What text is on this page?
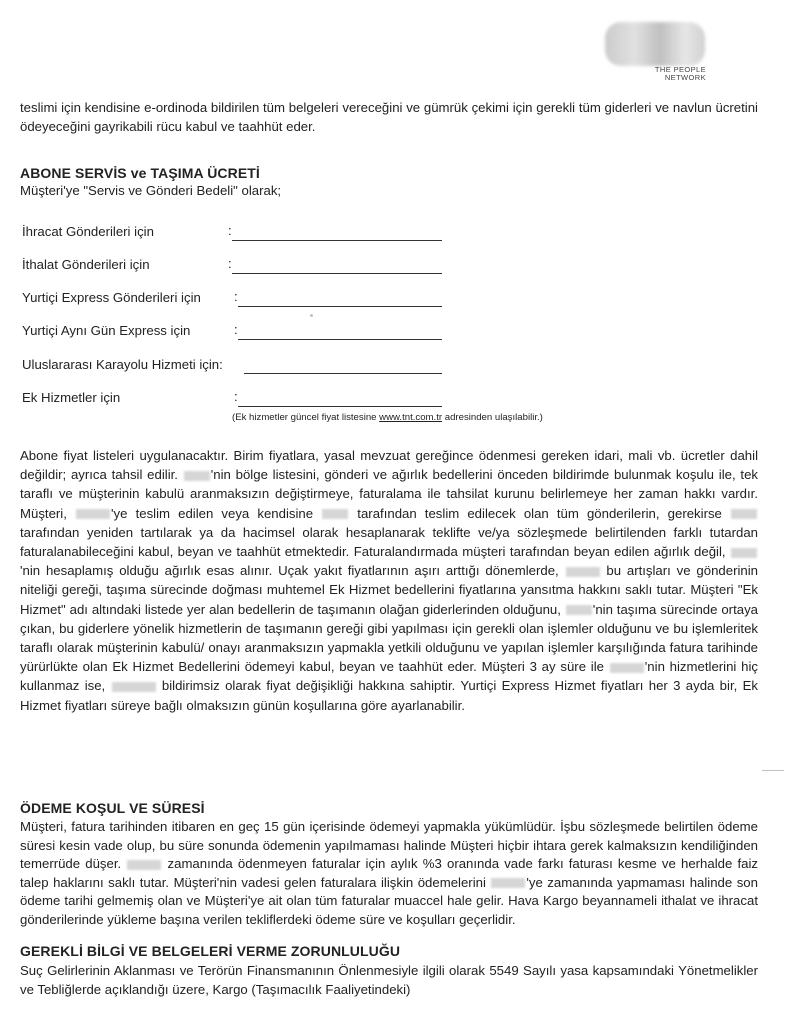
THE PEOPLE
NETWORK
teslimi için kendisine e-ordinoda bildirilen tüm belgeleri vereceğini ve gümrük çekimi için gerekli tüm giderleri ve navlun ücretini ödeyeceğini gayrikabili rücu kabul ve taahhüt eder.
ABONE SERVİS ve TAŞIMA ÜCRETİ
Müşteri'ye "Servis ve Gönderi Bedeli" olarak;
İhracat Gönderileri için	:
İthalat Gönderileri için	:
Yurtiçi Express Gönderileri için	:
Yurtiçi Aynı Gün Express için	:
Uluslararası Karayolu Hizmeti için:
Ek Hizmetler için	:
(Ek hizmetler güncel fiyat listesine www.tnt.com.tr adresinden ulaşılabilir.)
Abone fiyat listeleri uygulanacaktır. Birim fiyatlara, yasal mevzuat gereğince ödenmesi gereken idari, mali vb. ücretler dahil değildir; ayrıca tahsil edilir. 'nin bölge listesini, gönderi ve ağırlık bedellerini önceden bildirimde bulunmak koşulu ile, tek taraflı ve müşterinin kabulü aranmaksızın değiştirmeye, faturalama ile tahsilat kurunu belirlemeye her zaman hakkı vardır. Müşteri,	'ye teslim edilen veya kendisine  tarafından teslim edilecek olan tüm gönderilerin, gerekirse  tarafından yeniden tartılarak ya da hacimsel olarak hesaplanarak teklifte ve/ya sözleşmede belirtilenden farklı tutardan faturalanabileceğini kabul, beyan ve taahhüt etmektedir. Faturalandırmada müşteri tarafından beyan edilen ağırlık değil, 'nin hesaplamış olduğu ağırlık esas alınır. Uçak yakıt fiyatlarının aşırı arttığı dönemlerde,	bu artışları ve gönderinin niteliği gereği, taşıma sürecinde doğması muhtemel Ek Hizmet bedellerini fiyatlarına yansıtma hakkını saklı tutar. Müşteri "Ek Hizmet" adı altındaki listede yer alan bedellerin de taşımanın olağan giderlerinden olduğunu, 'nin taşıma sürecinde ortaya çıkan, bu giderlere yönelik hizmetlerin de taşımanın gereği gibi yapılması için gerekli olan işlemler olduğunu ve bu işlemleritek taraflı olarak müşterinin kabulü/ onayı aranmaksızın yapmakla yetkili olduğunu ve yapılan işlemler karşılığında fatura tarihinde yürürlükte olan Ek Hizmet Bedellerini ödemeyi kabul, beyan ve taahhüt eder. Müşteri 3 ay süre ile	'nin hizmetlerini hiç kullanmaz ise,	bildirimsiz olarak fiyat değişikliği hakkına sahiptir. Yurtiçi Express Hizmet fiyatları her 3 ayda bir, Ek Hizmet fiyatları süreye bağlı olmaksızın günün koşullarına göre ayarlanabilir.
ÖDEME KOŞUL VE SÜRESİ
Müşteri, fatura tarihinden itibaren en geç 15 gün içerisinde ödemeyi yapmakla yükümlüdür. İşbu sözleşmede belirtilen ödeme süresi kesin vade olup, bu süre sonunda ödemenin yapılmaması halinde Müşteri hiçbir ihtara gerek kalmaksızın kendiliğinden temerrüde düşer.	zamanında ödenmeyen faturalar için aylık %3 oranında vade farkı faturası kesme ve herhalde faiz talep haklarını saklı tutar. Müşteri'nin vadesi gelen faturalara ilişkin ödemelerini	'ye zamanında yapmaması halinde son ödeme tarihi gelmemiş olan ve Müşteri'ye ait olan tüm faturalar muaccel hale gelir. Hava Kargo beyannameli ithalat ve ihracat gönderilerinde yükleme başına verilen tekliflerdeki ödeme süre ve koşulları geçerlidir.
GEREKLİ BİLGİ VE BELGELERİ VERME ZORUNLULUĞU
Suç Gelirlerinin Aklanması ve Terörün Finansmanının Önlenmesiyle ilgili olarak 5549 Sayılı yasa kapsamındaki Yönetmelikler ve Tebliğlerde açıklandığı üzere, Kargo (Taşımacılık Faaliyetindeki)
